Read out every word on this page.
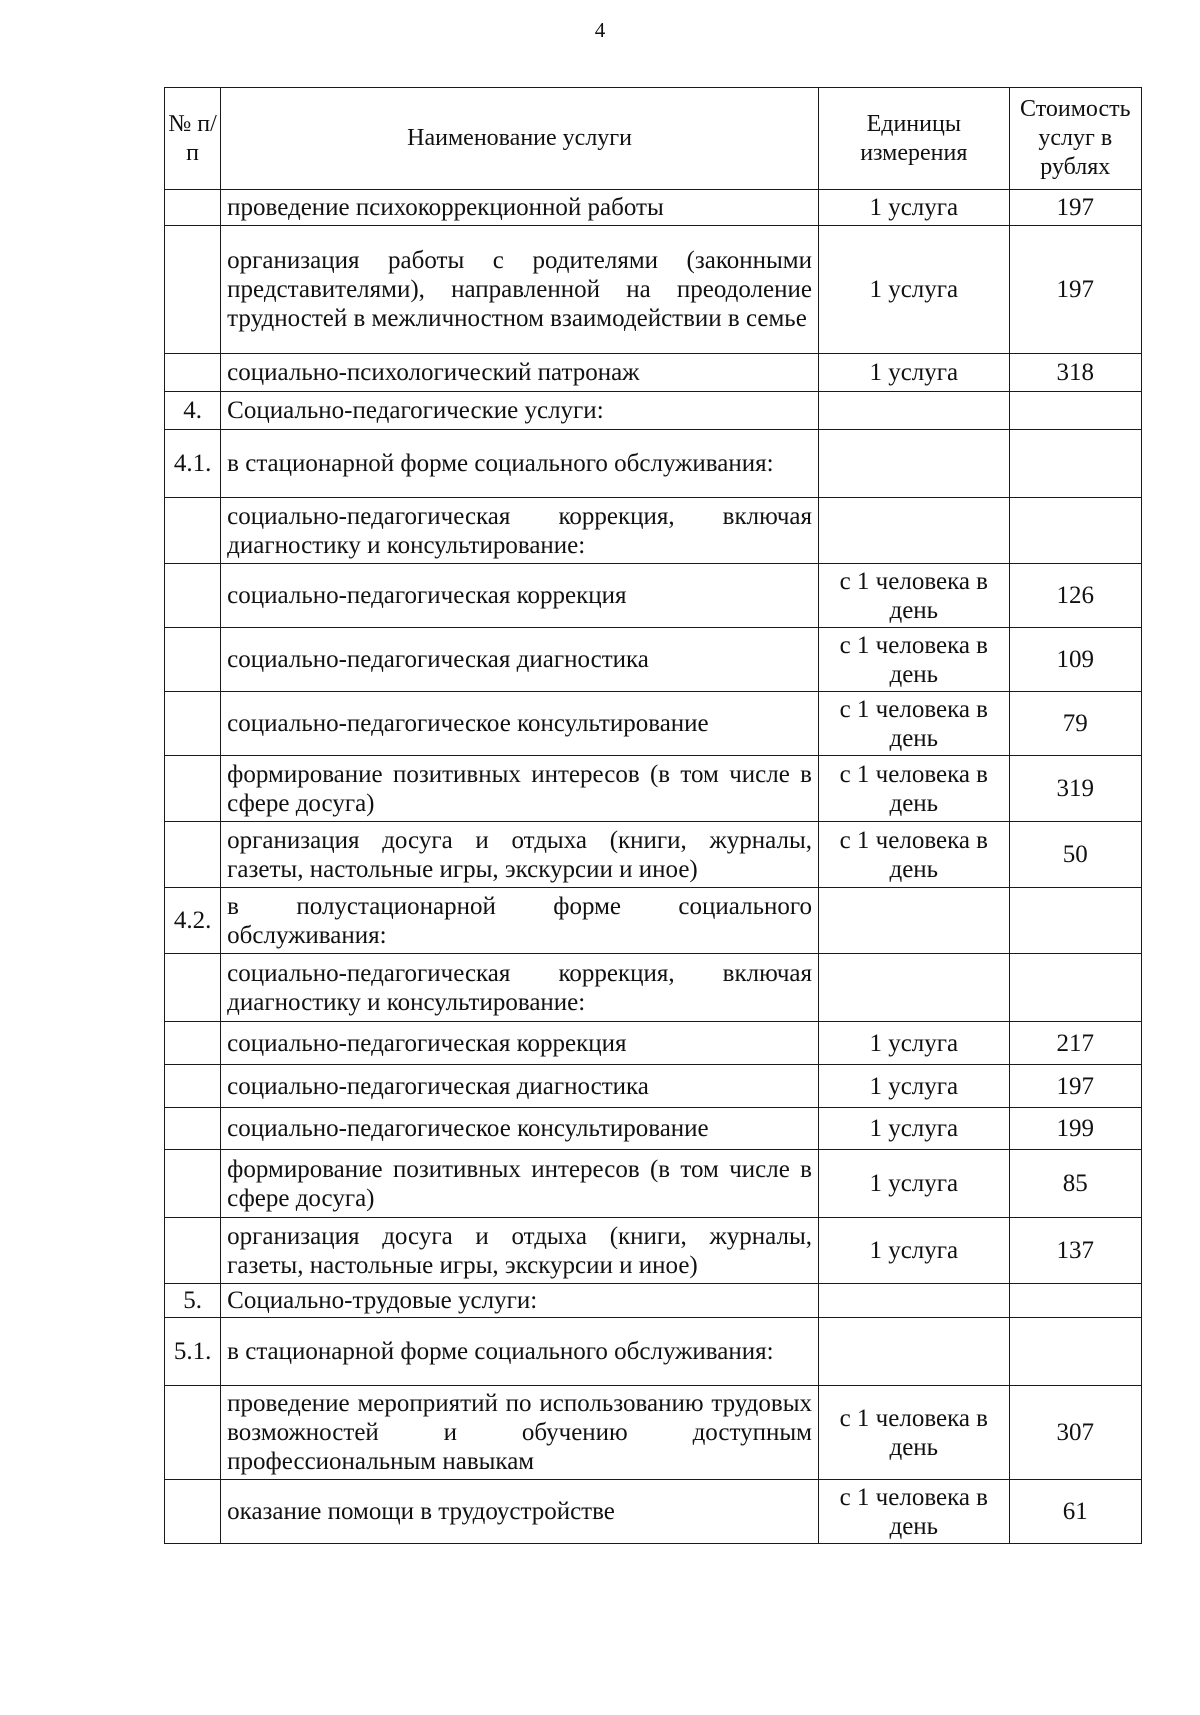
4
№ п/п	Наименование услуги	Единицы измерения	Стоимость услуг в рублях
	проведение психокоррекционной работы	1 услуга	197
	организация работы с родителями (законными представителями), направленной на преодоление трудностей в межличностном взаимодействии в семье	1 услуга	197
	социально-психологический патронаж	1 услуга	318
4.	Социально-педагогические услуги:		
4.1.	в стационарной форме социального обслуживания:		
	социально-педагогическая коррекция, включая диагностику и консультирование:		
	социально-педагогическая коррекция	с 1 человека в день	126
	социально-педагогическая диагностика	с 1 человека в день	109
	социально-педагогическое консультирование	с 1 человека в день	79
	формирование позитивных интересов (в том числе в сфере досуга)	с 1 человека в день	319
	организация досуга и отдыха (книги, журналы, газеты, настольные игры, экскурсии и иное)	с 1 человека в день	50
4.2.	в полустационарной форме социального обслуживания:		
	социально-педагогическая коррекция, включая диагностику и консультирование:		
	социально-педагогическая коррекция	1 услуга	217
	социально-педагогическая диагностика	1 услуга	197
	социально-педагогическое консультирование	1 услуга	199
	формирование позитивных интересов (в том числе в сфере досуга)	1 услуга	85
	организация досуга и отдыха (книги, журналы, газеты, настольные игры, экскурсии и иное)	1 услуга	137
5.	Социально-трудовые услуги:		
5.1.	в стационарной форме социального обслуживания:		
	проведение мероприятий по использованию трудовых возможностей и обучению доступным профессиональным навыкам	с 1 человека в день	307
	оказание помощи в трудоустройстве	с 1 человека в день	61
